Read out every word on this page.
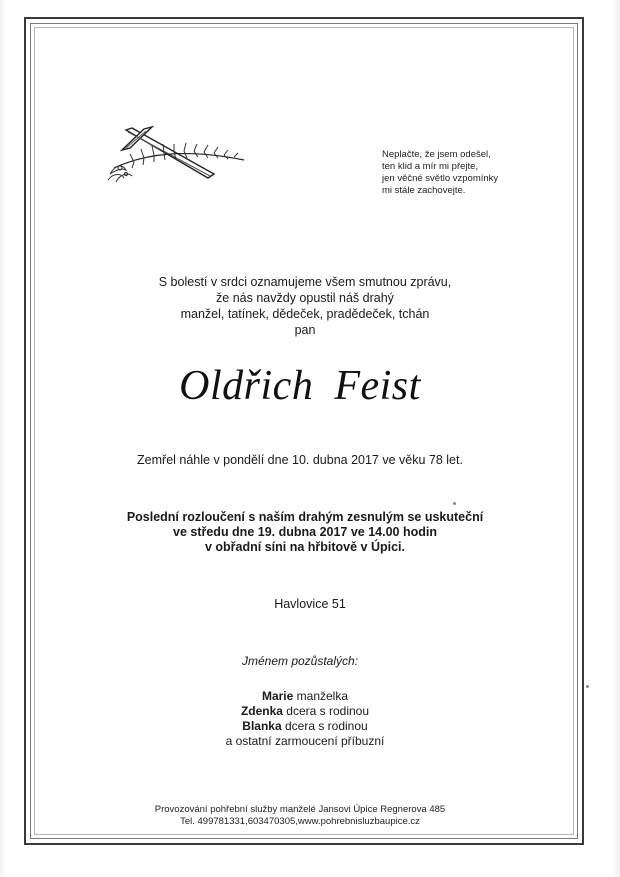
Neplačte, že jsem odešel,
ten klid a mír mi přejte,
jen věčné světlo vzpomínky
mi stále zachovejte.
S bolestí v srdci oznamujeme všem smutnou zprávu,
že nás navždy opustil náš drahý
manžel, tatínek, dědeček, pradědeček, tchán
pan
Oldřich Feist
Zemřel náhle v pondělí dne 10. dubna 2017 ve věku 78 let.
Poslední rozloučení s naším drahým zesnulým se uskuteční
ve středu dne 19. dubna 2017 ve 14.00 hodin
v obřadní síni na hřbitově v Úpici.
Havlovice 51
Jménem pozůstalých:
Marie manželka
Zdenka dcera s rodinou
Blanka dcera s rodinou
a ostatní zarmoucení příbuzní
Provozování pohřební služby manželé Jansovi Úpice Regnerova 485
Tel. 499781331,603470305,www.pohrebnisluzbaupice.cz
